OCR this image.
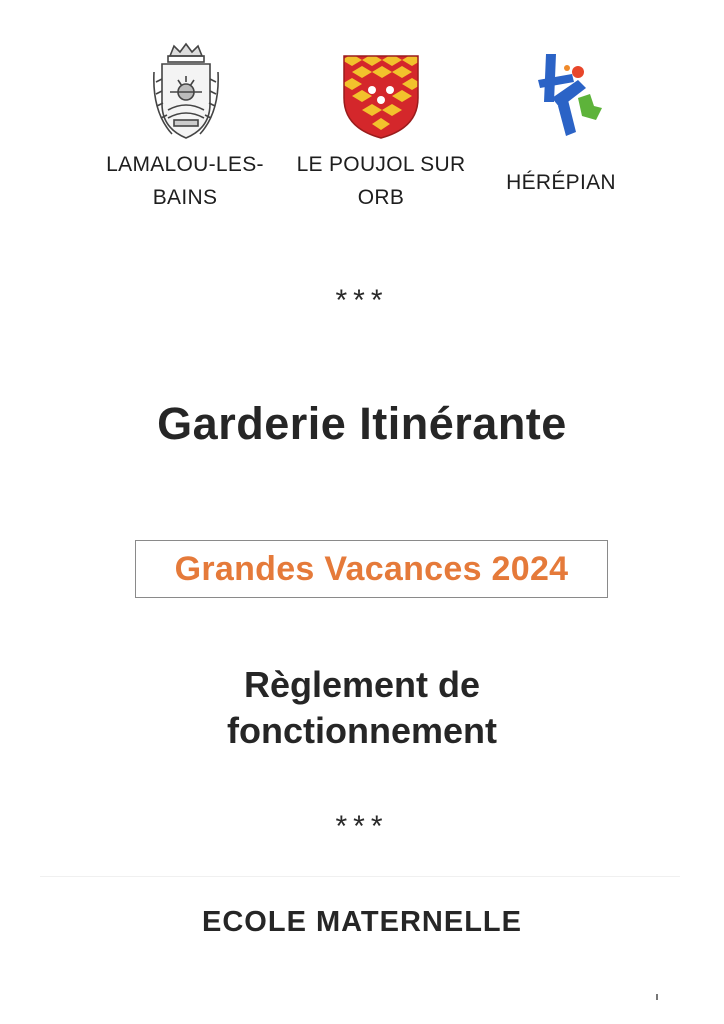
LAMALOU-LES-
BAINS
LE POUJOL SUR
ORB
HÉRÉPIAN
***
Garderie Itinérante
Grandes Vacances 2024
Règlement de
fonctionnement
***
ECOLE MATERNELLE
